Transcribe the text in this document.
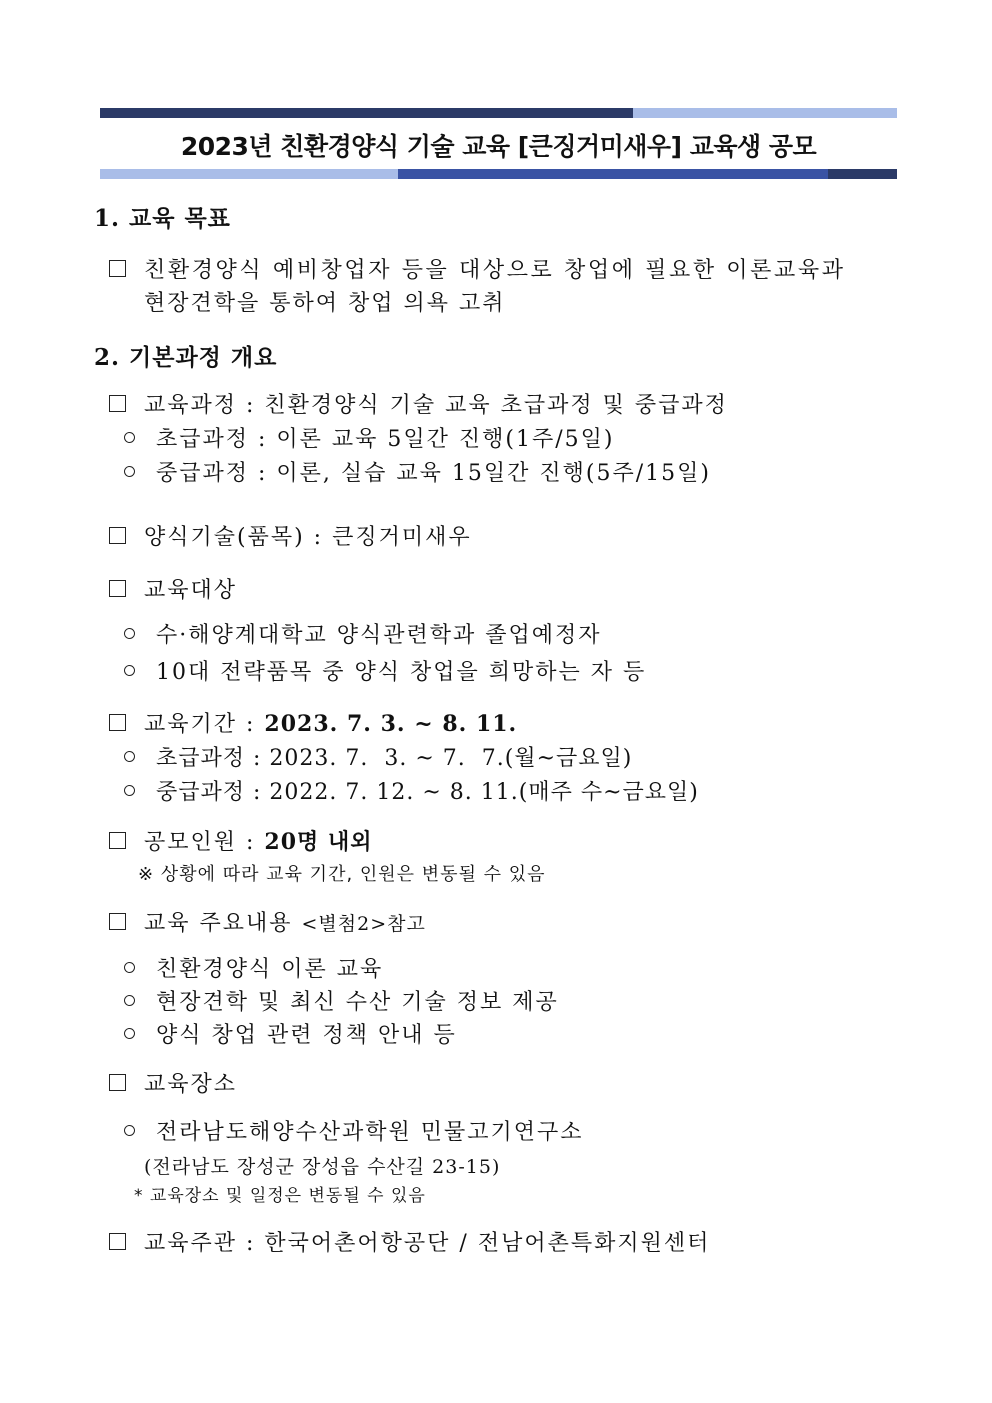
2023년 친환경양식 기술 교육 [큰징거미새우] 교육생 공모
1. 교육 목표
친환경양식 예비창업자 등을 대상으로 창업에 필요한 이론교육과
현장견학을 통하여 창업 의욕 고취
2. 기본과정 개요
교육과정 : 친환경양식 기술 교육 초급과정 및 중급과정
초급과정 : 이론 교육 5일간 진행(1주/5일)
중급과정 : 이론, 실습 교육 15일간 진행(5주/15일)
양식기술(품목) : 큰징거미새우
교육대상
수·해양계대학교 양식관련학과 졸업예정자
10대 전략품목 중 양식 창업을 희망하는 자 등
교육기간 : 2023. 7. 3. ~ 8. 11.
초급과정 : 2023. 7.  3. ~ 7.  7.(월~금요일)
중급과정 : 2022. 7. 12. ~ 8. 11.(매주 수~금요일)
공모인원 : 20명 내외
※ 상황에 따라 교육 기간, 인원은 변동될 수 있음
교육 주요내용 <별첨2>참고
친환경양식 이론 교육
현장견학 및 최신 수산 기술 정보 제공
양식 창업 관련 정책 안내 등
교육장소
전라남도해양수산과학원 민물고기연구소
(전라남도 장성군 장성읍 수산길 23-15)
* 교육장소 및 일정은 변동될 수 있음
교육주관 : 한국어촌어항공단 / 전남어촌특화지원센터
